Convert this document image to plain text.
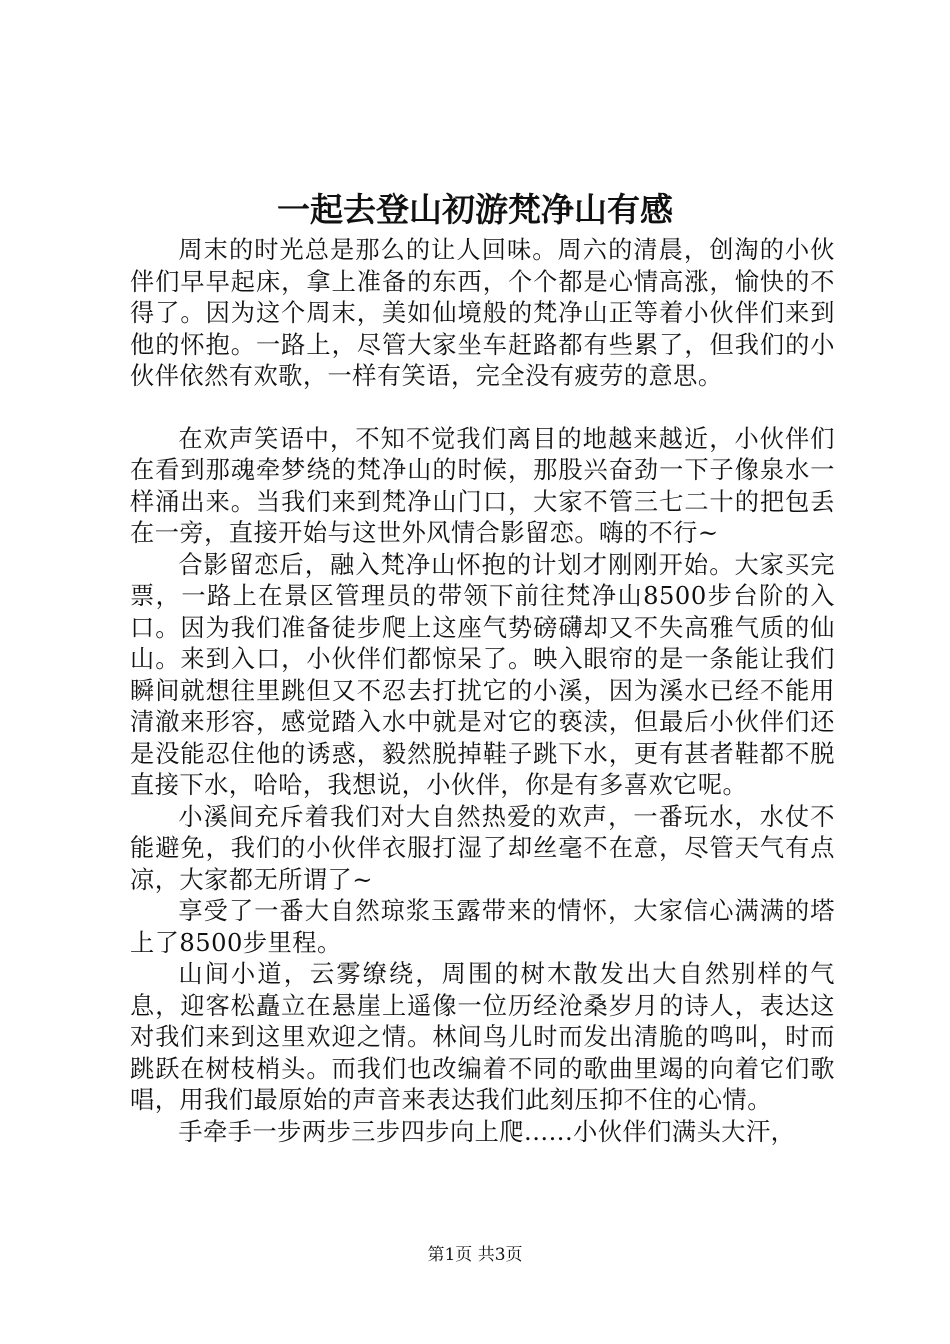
一起去登山初游梵净山有感

周末的时光总是那么的让人回味。周六的清晨，创淘的小伙伴们早早起床，拿上准备的东西，个个都是心情高涨，愉快的不得了。因为这个周末，美如仙境般的梵净山正等着小伙伴们来到他的怀抱。一路上，尽管大家坐车赶路都有些累了，但我们的小伙伴依然有欢歌，一样有笑语，完全没有疲劳的意思。

在欢声笑语中，不知不觉我们离目的地越来越近，小伙伴们在看到那魂牵梦绕的梵净山的时候，那股兴奋劲一下子像泉水一样涌出来。当我们来到梵净山门口，大家不管三七二十的把包丢在一旁，直接开始与这世外风情合影留恋。嗨的不行~

合影留恋后，融入梵净山怀抱的计划才刚刚开始。大家买完票，一路上在景区管理员的带领下前往梵净山8500步台阶的入口。因为我们准备徒步爬上这座气势磅礴却又不失高雅气质的仙山。来到入口，小伙伴们都惊呆了。映入眼帘的是一条能让我们瞬间就想往里跳但又不忍去打扰它的小溪，因为溪水已经不能用清澈来形容，感觉踏入水中就是对它的亵渎，但最后小伙伴们还是没能忍住他的诱惑，毅然脱掉鞋子跳下水，更有甚者鞋都不脱直接下水，哈哈，我想说，小伙伴，你是有多喜欢它呢。

小溪间充斥着我们对大自然热爱的欢声，一番玩水，水仗不能避免，我们的小伙伴衣服打湿了却丝毫不在意，尽管天气有点凉，大家都无所谓了~

享受了一番大自然琼浆玉露带来的情怀，大家信心满满的塔上了8500步里程。

山间小道，云雾缭绕，周围的树木散发出大自然别样的气息，迎客松矗立在悬崖上遥像一位历经沧桑岁月的诗人，表达这对我们来到这里欢迎之情。林间鸟儿时而发出清脆的鸣叫，时而跳跃在树枝梢头。而我们也改编着不同的歌曲里竭的向着它们歌唱，用我们最原始的声音来表达我们此刻压抑不住的心情。

手牵手一步两步三步四步向上爬......小伙伴们满头大汗，

第1页 共3页
